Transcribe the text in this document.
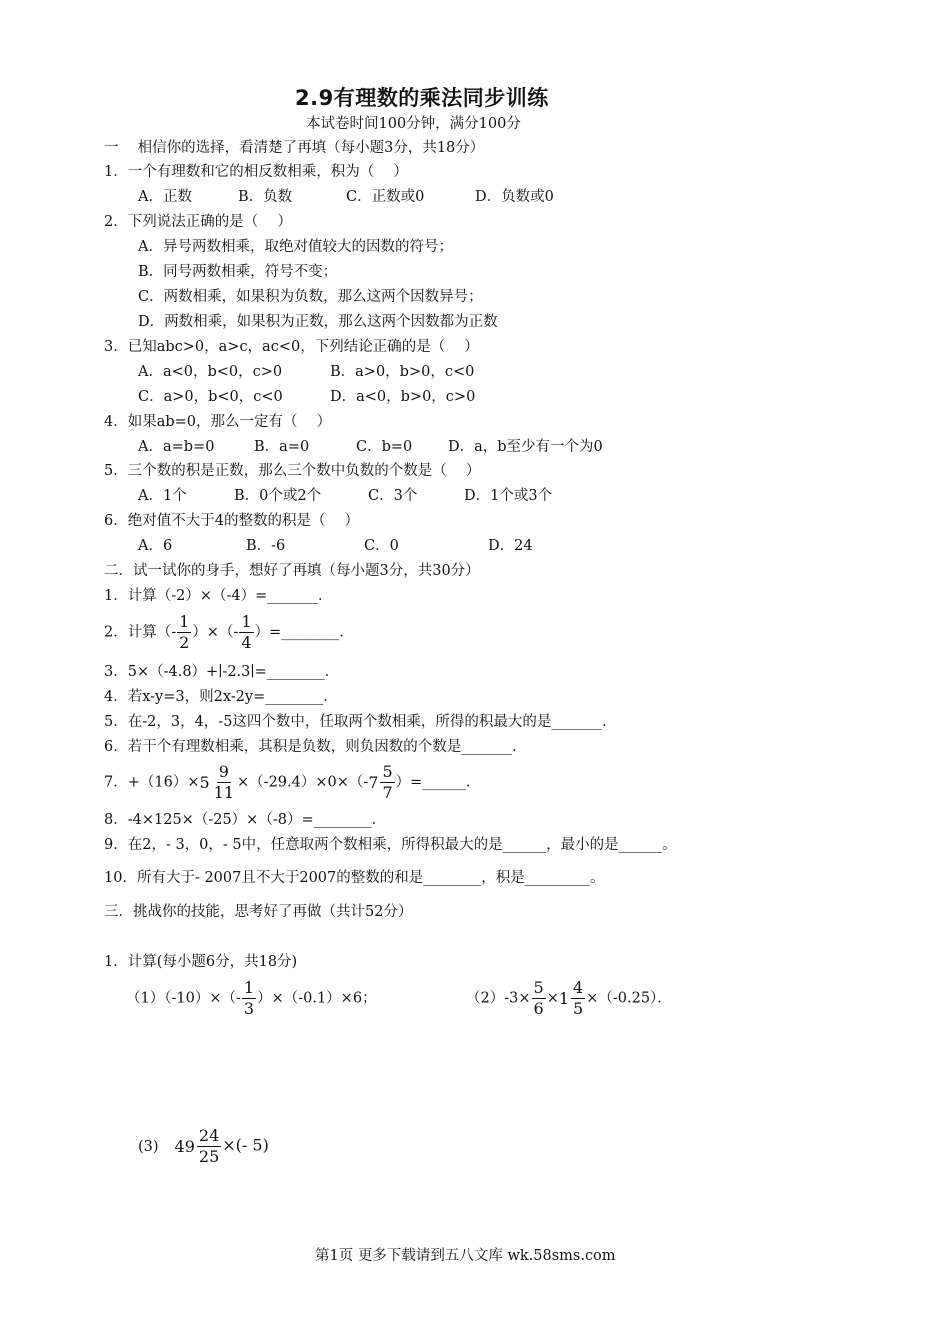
2.9有理数的乘法同步训练
本试卷时间100分钟，满分100分
一　 相信你的选择，看清楚了再填（每小题3分，共18分）
1．一个有理数和它的相反数相乘，积为（　 ）
A．正数	B．负数	C．正数或0	D．负数或0
2．下列说法正确的是（　 ）
A．异号两数相乘，取绝对值较大的因数的符号；
B．同号两数相乘，符号不变；
C．两数相乘，如果积为负数，那么这两个因数异号；
D．两数相乘，如果积为正数，那么这两个因数都为正数
3．已知abc>0，a>c，ac<0，下列结论正确的是（　 ）
A．a<0，b<0，c>0	B．a>0，b>0，c<0
C．a>0，b<0，c<0	D．a<0，b>0，c>0
4．如果ab=0，那么一定有（　 ）
A．a=b=0	B．a=0	C．b=0 D．a，b至少有一个为0
5．三个数的积是正数，那么三个数中负数的个数是（　 ）
A．1个	B．0个或2个	C．3个	D．1个或3个
6．绝对值不大于4的整数的积是（　 ）
A．6	B．-6	C．0	D．24
二．试一试你的身手，想好了再填（每小题3分，共30分）
1．计算（-2）×（-4）=_______．
2．计算（- $\frac{1}{2}$ ）×（- $\frac{1}{4}$ ）=________．
3．5×（-4.8）+∣-2.3∣=________．
4．若x-y=3，则2x-2y=________．
5．在-2，3，4，-5这四个数中，任取两个数相乘，所得的积最大的是_______．
6．若干个有理数相乘，其积是负数，则负因数的个数是_______．
7．+（16）× 5
9
11
×（-29.4）×0×（- 7
5
7
）=______．
8．-4×125×（-25）×（-8）=________．
9．在2，- 3，0，- 5中，任意取两个数相乘，所得积最大的是______，最小的是______。
10．所有大于- 2007且不大于2007的整数的和是________，积是_________。
三．挑战你的技能，思考好了再做（共计52分）
1．计算(每小题6分，共18分)
$(1)(-10)\times(- \frac{1}{3} )\times(-0.1)\times 6$；	$(2)-3\times \frac{5}{6} \times 1$
4
5
×（-0.25）．
(3) 49
24
25
×(- 5)
第1页 更多下载请到五八文库 wk.58sms.com
